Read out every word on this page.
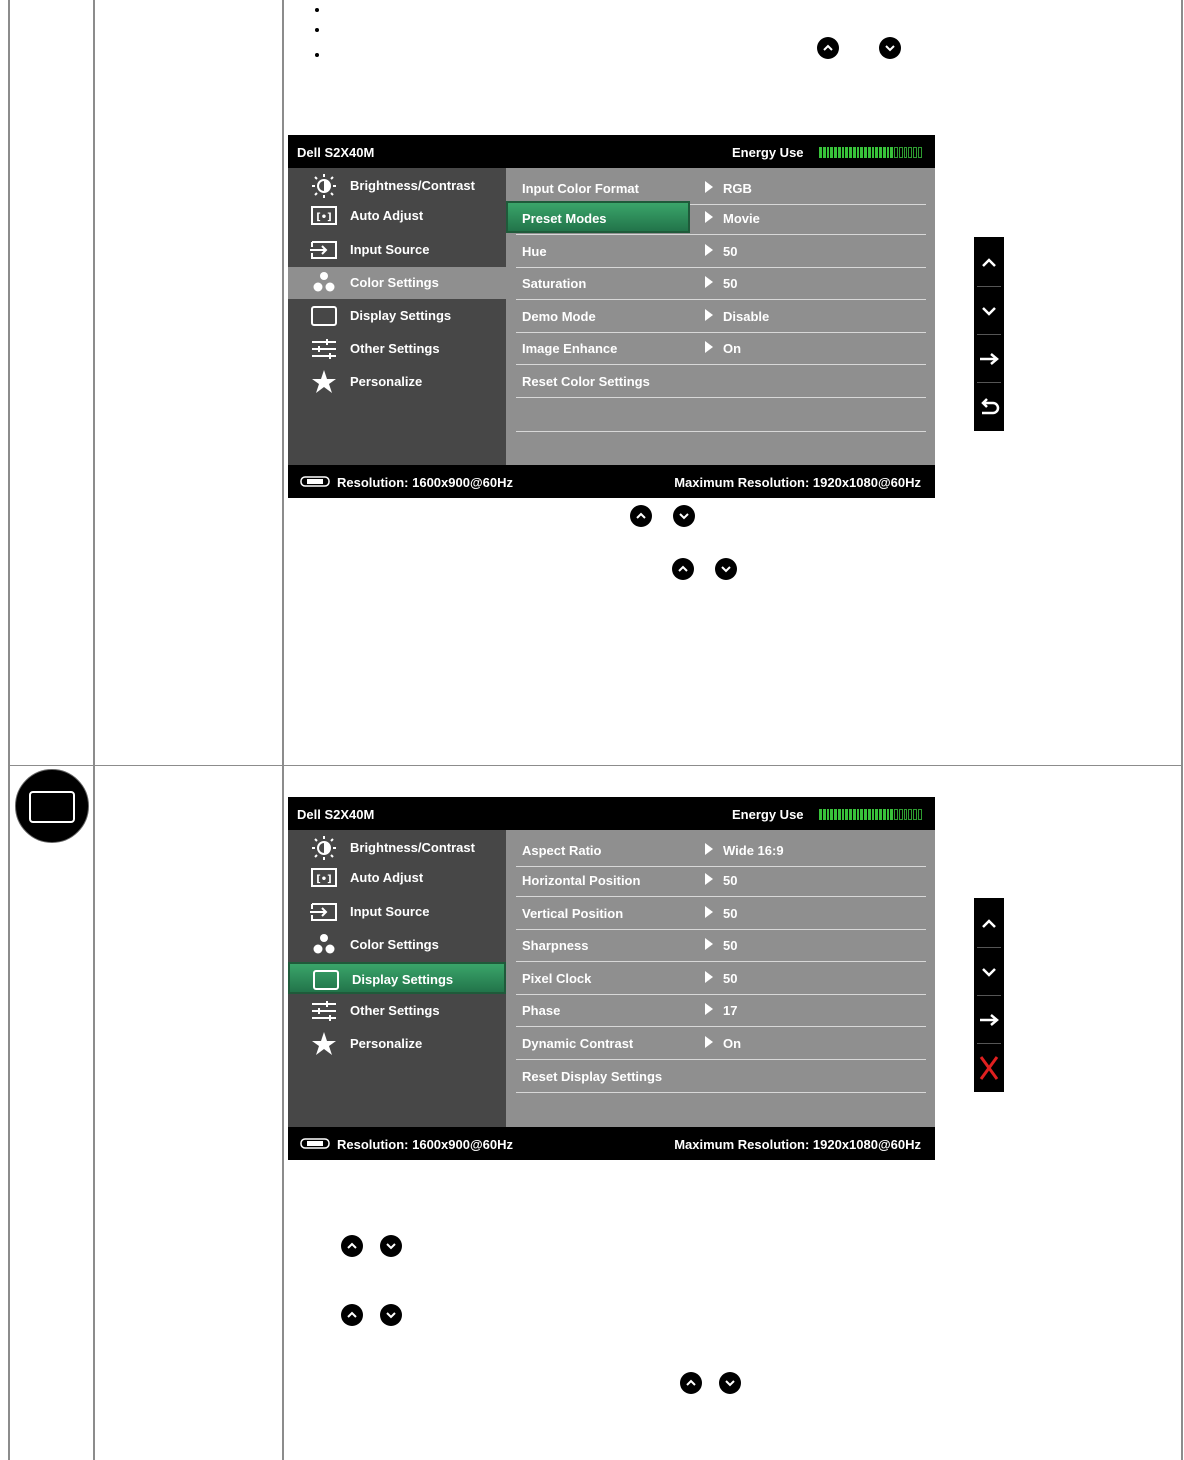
Dell S2X40M	Energy Use
Brightness/Contrast
[•] Auto Adjust
Input Source
Color Settings
Display Settings
Other Settings
Personalize
Input Color Format	RGB
Preset Modes	Movie
Hue	50
Saturation	50
Demo Mode	Disable
Image Enhance	On
Reset Color Settings
Resolution: 1600x900@60Hz	Maximum Resolution: 1920x1080@60Hz
Dell S2X40M	Energy Use
Brightness/Contrast
[•] Auto Adjust
Input Source
Color Settings
Display Settings
Other Settings
Personalize
Aspect Ratio	Wide 16:9
Horizontal Position	50
Vertical Position	50
Sharpness	50
Pixel Clock	50
Phase	17
Dynamic Contrast	On
Reset Display Settings
Resolution: 1600x900@60Hz	Maximum Resolution: 1920x1080@60Hz
